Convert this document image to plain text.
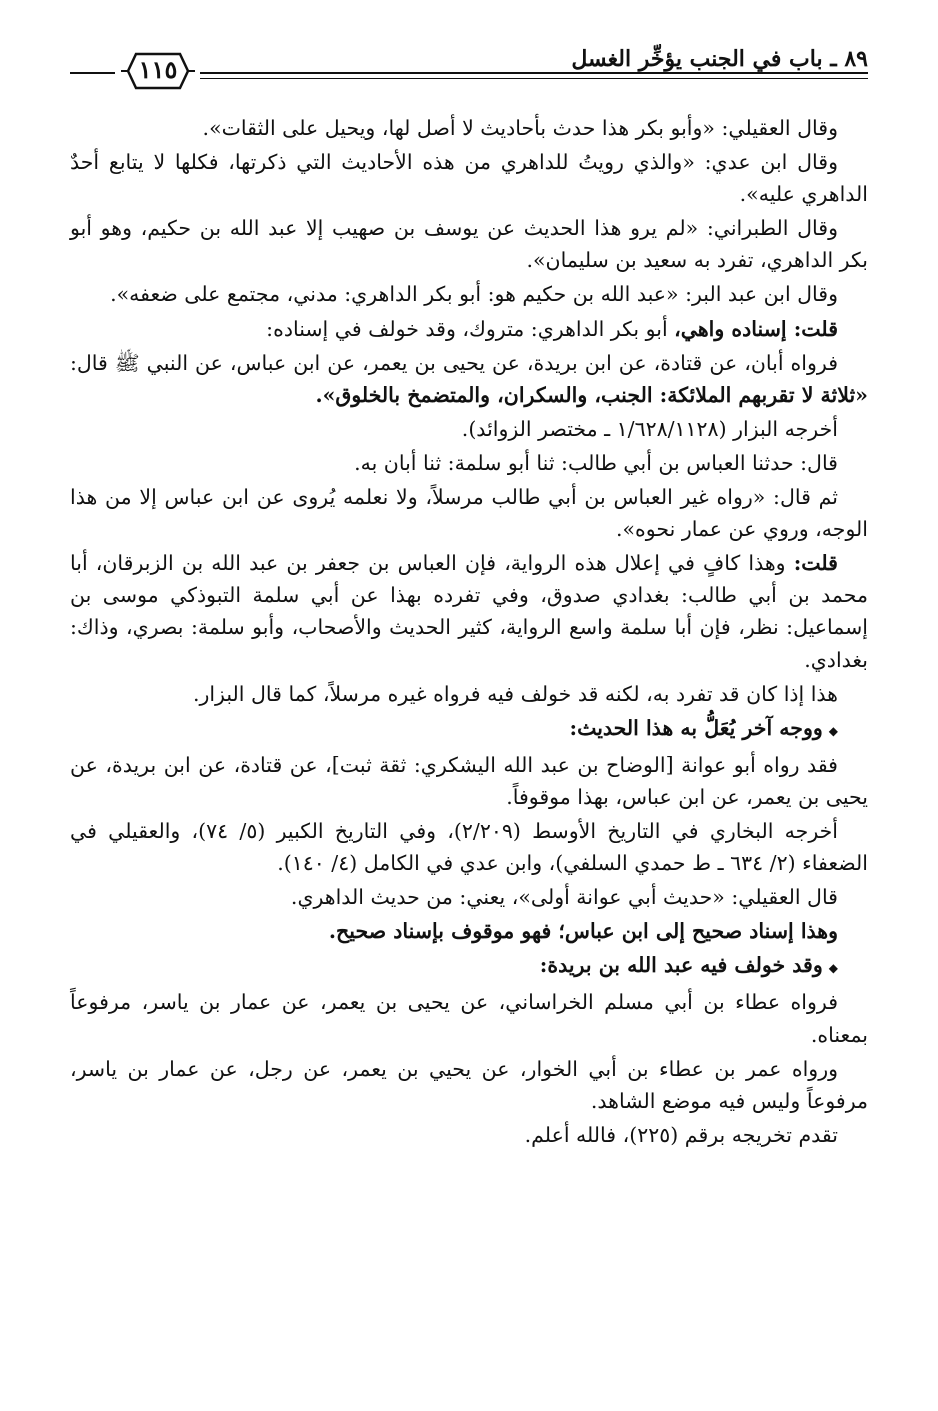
٨٩ ـ باب في الجنب يؤخِّر الغسل
١١٥

وقال العقيلي: «وأبو بكر هذا حدث بأحاديث لا أصل لها، ويحيل على الثقات».

وقال ابن عدي: «والذي رويتُ للداهري من هذه الأحاديث التي ذكرتها، فكلها لا يتابع أحدٌ الداهري عليه».

وقال الطبراني: «لم يرو هذا الحديث عن يوسف بن صهيب إلا عبد الله بن حكيم، وهو أبو بكر الداهري، تفرد به سعيد بن سليمان».

وقال ابن عبد البر: «عبد الله بن حكيم هو: أبو بكر الداهري: مدني، مجتمع على ضعفه».

قلت: إسناده واهي، أبو بكر الداهري: متروك، وقد خولف في إسناده:

فرواه أبان، عن قتادة، عن ابن بريدة، عن يحيى بن يعمر، عن ابن عباس، عن النبي ﷺ قال: «ثلاثة لا تقربهم الملائكة: الجنب، والسكران، والمتضمخ بالخلوق».

أخرجه البزار (١/٦٢٨/١١٢٨ ـ مختصر الزوائد).

قال: حدثنا العباس بن أبي طالب: ثنا أبو سلمة: ثنا أبان به.

ثم قال: «رواه غير العباس بن أبي طالب مرسلاً، ولا نعلمه يُروى عن ابن عباس إلا من هذا الوجه، وروي عن عمار نحوه».

قلت: وهذا كافٍ في إعلال هذه الرواية، فإن العباس بن جعفر بن عبد الله بن الزبرقان، أبا محمد بن أبي طالب: بغدادي صدوق، وفي تفرده بهذا عن أبي سلمة التبوذكي موسى بن إسماعيل: نظر، فإن أبا سلمة واسع الرواية، كثير الحديث والأصحاب، وأبو سلمة: بصري، وذاك: بغدادي.

هذا إذا كان قد تفرد به، لكنه قد خولف فيه فرواه غيره مرسلاً، كما قال البزار.

◆ووجه آخر يُعَلُّ به هذا الحديث:

فقد رواه أبو عوانة [الوضاح بن عبد الله اليشكري: ثقة ثبت]، عن قتادة، عن ابن بريدة، عن يحيى بن يعمر، عن ابن عباس، بهذا موقوفاً.

أخرجه البخاري في التاريخ الأوسط (٢/٢٠٩)، وفي التاريخ الكبير (٥/ ٧٤)، والعقيلي في الضعفاء (٢/ ٦٣٤ ـ ط حمدي السلفي)، وابن عدي في الكامل (٤/ ١٤٠).

قال العقيلي: «حديث أبي عوانة أولى»، يعني: من حديث الداهري.

وهذا إسناد صحيح إلى ابن عباس؛ فهو موقوف بإسناد صحيح.

◆وقد خولف فيه عبد الله بن بريدة:

فرواه عطاء بن أبي مسلم الخراساني، عن يحيى بن يعمر، عن عمار بن ياسر، مرفوعاً بمعناه.

ورواه عمر بن عطاء بن أبي الخوار، عن يحيي بن يعمر، عن رجل، عن عمار بن ياسر، مرفوعاً وليس فيه موضع الشاهد.

تقدم تخريجه برقم (٢٢٥)، فالله أعلم.
